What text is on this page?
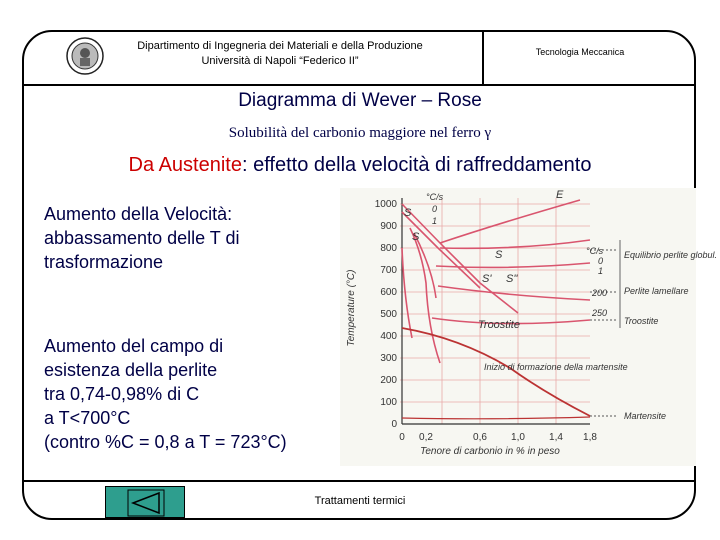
Dipartimento di Ingegneria dei Materiali e della Produzione
Università di Napoli “Federico II”
Tecnologia Meccanica
Diagramma di Wever – Rose
Solubilità del carbonio maggiore nel ferro γ
Da Austenite: effetto della velocità di raffreddamento
Aumento della Velocità:
abbassamento delle T di
trasformazione
Aumento del campo di
esistenza della perlite
tra 0,74-0,98% di C
a T<700°C
(contro %C = 0,8 a T = 723°C)
Temperature (°C)
1000
900
800
700
600
500
400
300
200
100
0
0 0,2	0,6 1,0 1,4 1,8
Tenore di carbonio in % in peso
°C/s
0
1
°C/s
0
1
200
250
S
S
S
S' S''
E
Troostite
Inizio di formazione della martensite
Equilibrio perlite globul.
Perlite lamellare
Troostite
Martensite
Trattamenti termici
